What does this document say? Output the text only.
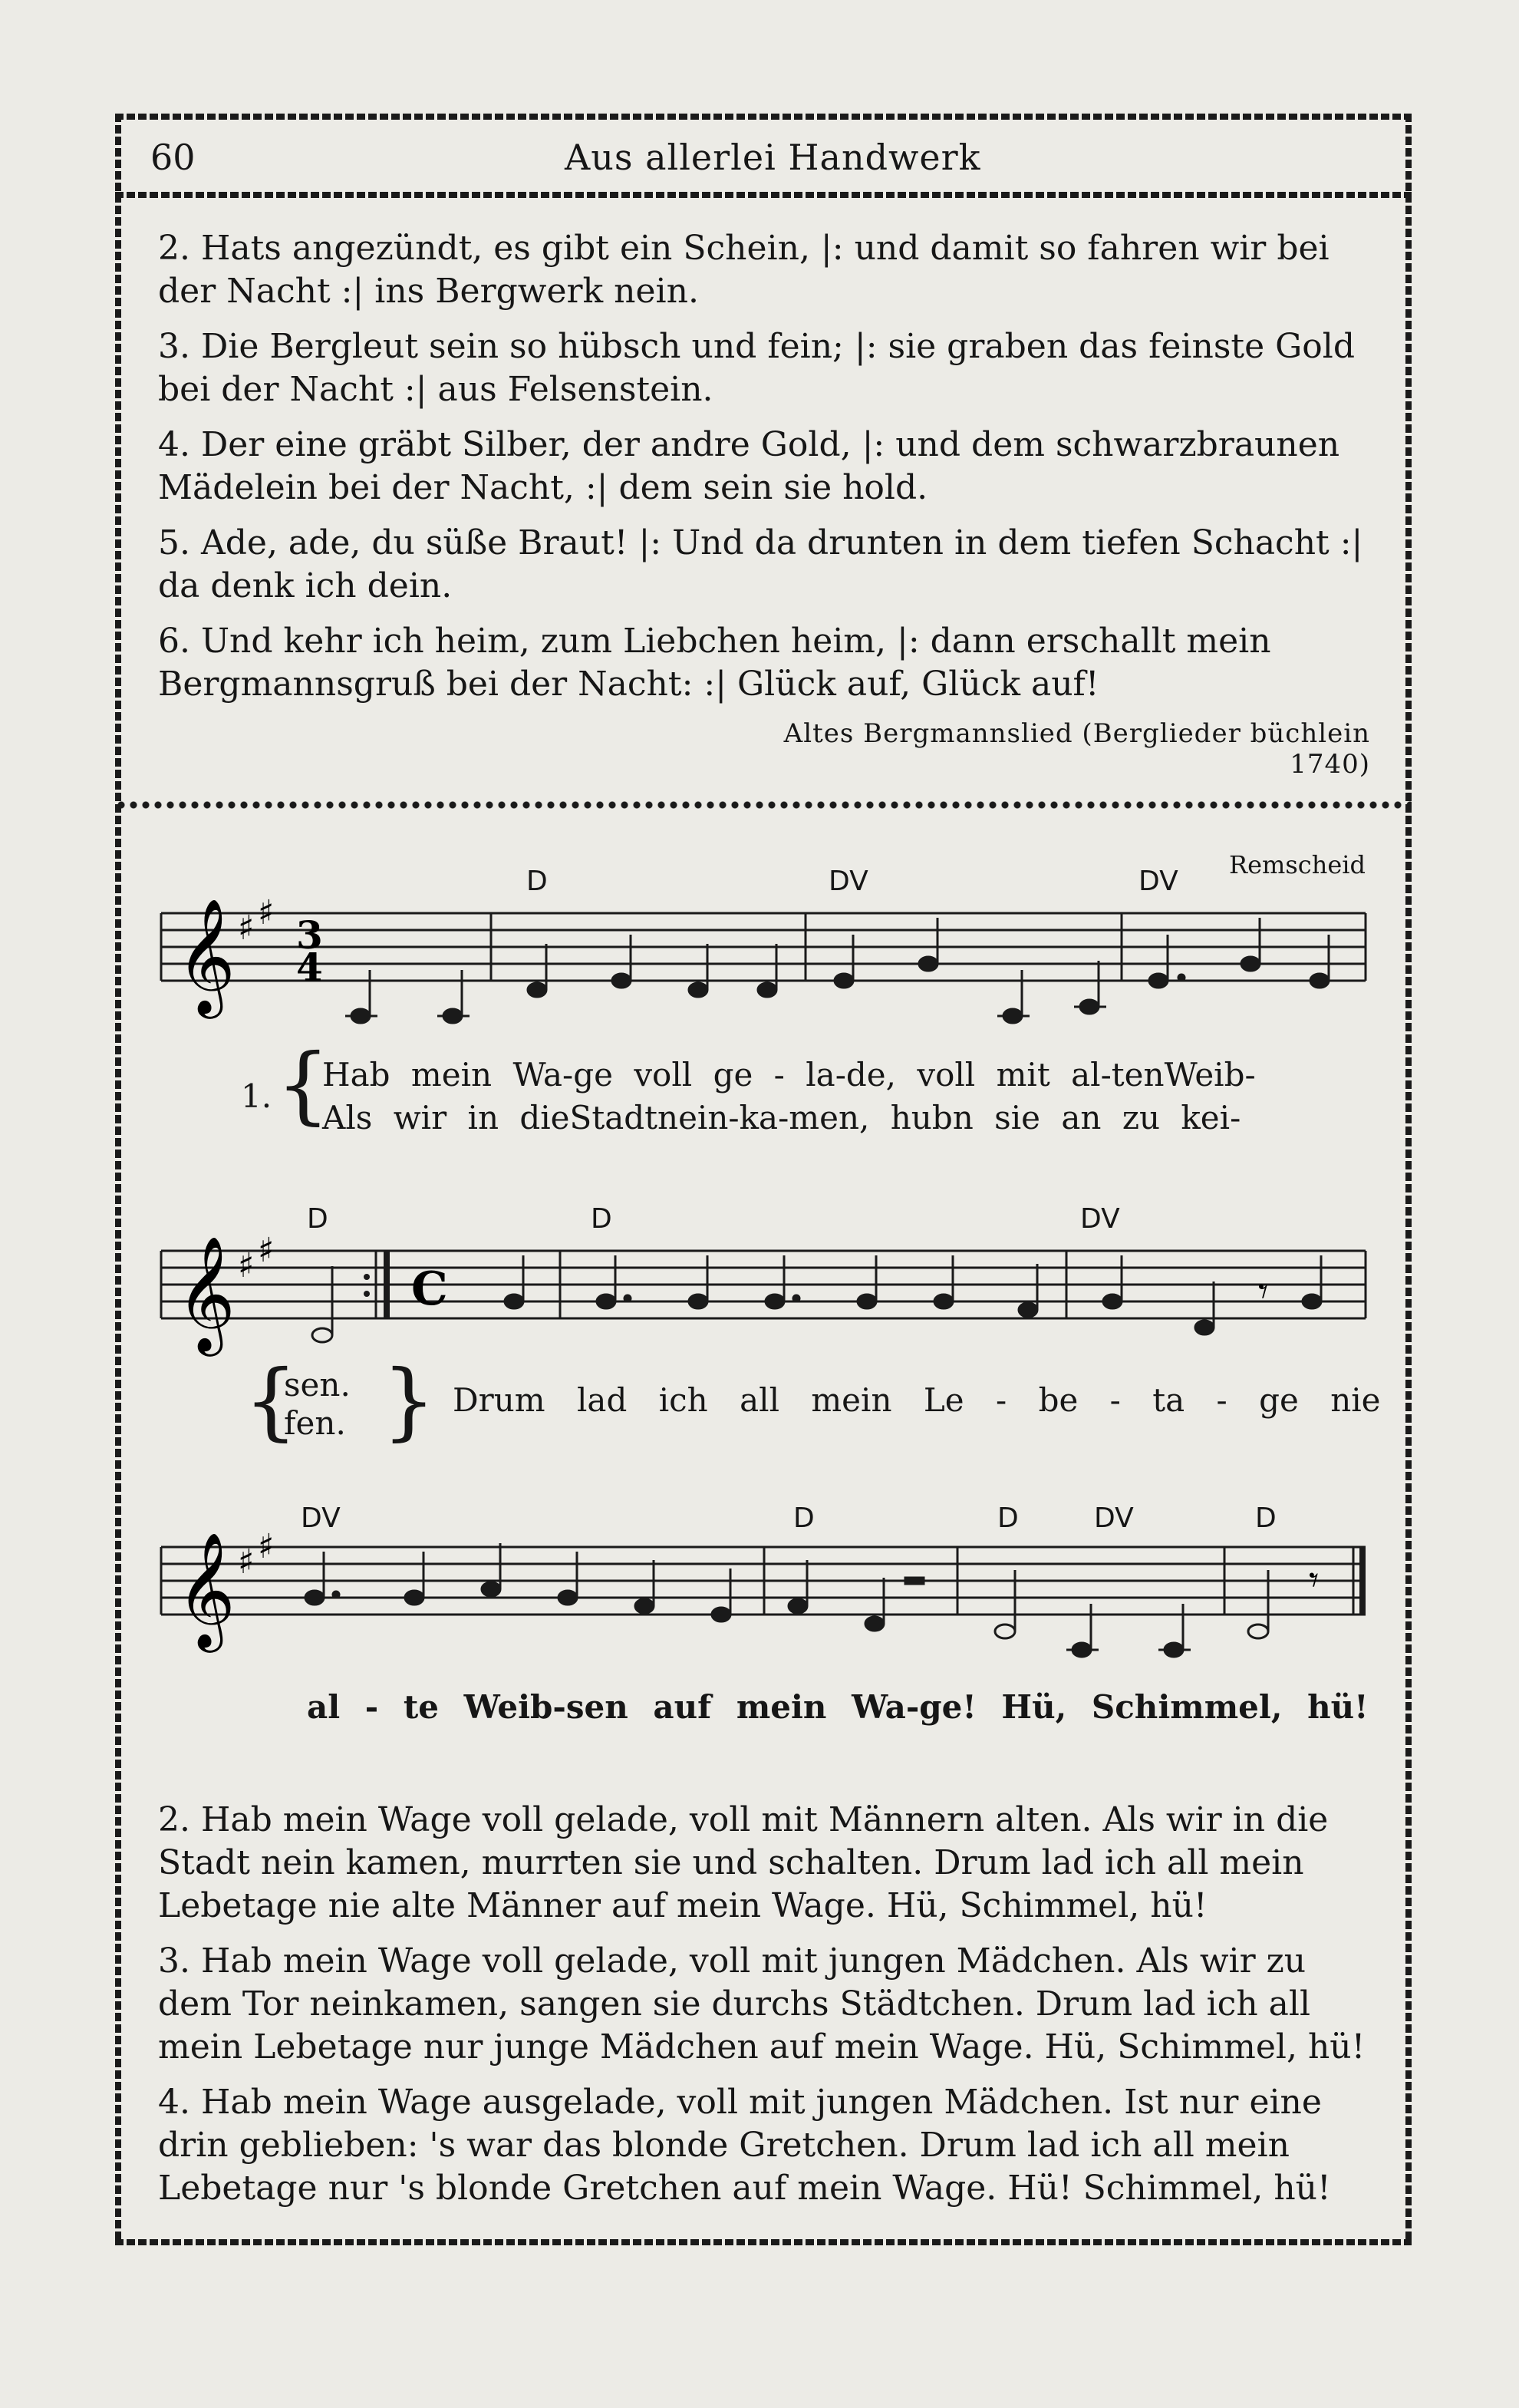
60	Aus allerlei Handwerk

2. Hats angezündt, es gibt ein Schein, |: und damit so fahren wir bei der Nacht :| ins Bergwerk nein.

3. Die Bergleut sein so hübsch und fein; |: sie graben das feinste Gold bei der Nacht :| aus Felsenstein.

4. Der eine gräbt Silber, der andre Gold, |: und dem schwarzbraunen Mädelein bei der Nacht, :| dem sein sie hold.

5. Ade, ade, du süße Braut! |: Und da drunten in dem tiefen Schacht :| da denk ich dein.

6. Und kehr ich heim, zum Liebchen heim, |: dann erschallt mein Bergmannsgruß bei der Nacht: :| Glück auf, Glück auf!

Altes Bergmannslied (Berglieder büchlein 1740)
Remscheid
D	DV	DV
𝄞 ♯ ♯ 3
4
1. {
Hab mein Wa-ge voll ge - la-de, voll mit al-tenWeib-
Als wir in dieStadtnein-ka-men, hubn sie an zu kei-
D	D	DV
𝄞 ♯ ♯
C	𝄾
{
sen.
fen. } Drum lad ich all mein Le - be - ta - ge nie
DV	D	D	DV	D
𝄞 ♯ ♯
𝄾
al - te Weib-sen auf mein Wa-ge! Hü, Schimmel, hü!

2. Hab mein Wage voll gelade, voll mit Männern alten. Als wir in die Stadt nein kamen, murrten sie und schalten. Drum lad ich all mein Lebetage nie alte Männer auf mein Wage. Hü, Schimmel, hü!

3. Hab mein Wage voll gelade, voll mit jungen Mädchen. Als wir zu dem Tor neinkamen, sangen sie durchs Städtchen. Drum lad ich all mein Lebetage nur junge Mädchen auf mein Wage. Hü, Schimmel, hü!

4. Hab mein Wage ausgelade, voll mit jungen Mädchen. Ist nur eine drin geblieben: 's war das blonde Gretchen. Drum lad ich all mein Lebetage nur 's blonde Gretchen auf mein Wage. Hü! Schimmel, hü!
